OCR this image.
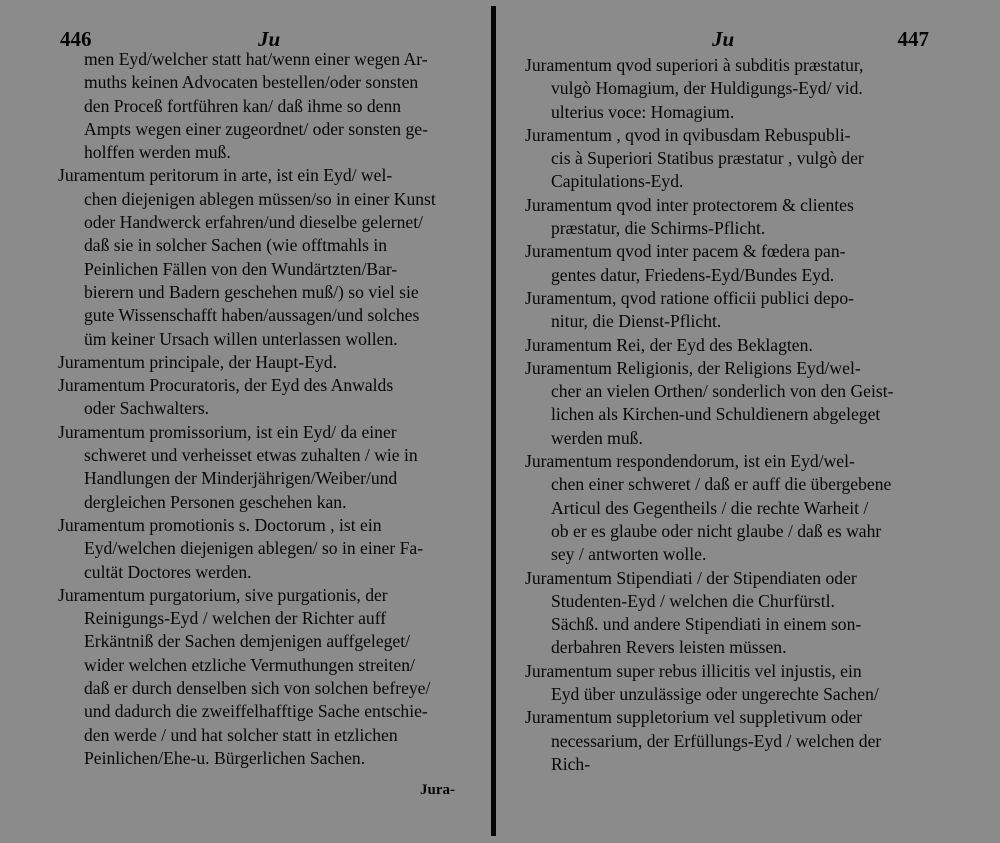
446	Ju
men Eyd/welcher statt hat/wenn einer wegen Ar-
muths keinen Advocaten bestellen/oder sonsten
den Proceß fortführen kan/ daß ihme so denn
Ampts wegen einer zugeordnet/ oder sonsten ge-
holffen werden muß.
Juramentum peritorum in arte, ist ein Eyd/ wel-
chen diejenigen ablegen müssen/so in einer Kunst
oder Handwerck erfahren/und dieselbe gelernet/
daß sie in solcher Sachen (wie offtmahls in
Peinlichen Fällen von den Wundärtzten/Bar-
bierern und Badern geschehen muß/) so viel sie
gute Wissenschafft haben/aussagen/und solches
üm keiner Ursach willen unterlassen wollen.
Juramentum principale, der Haupt-Eyd.
Juramentum Procuratoris, der Eyd des Anwalds
oder Sachwalters.
Juramentum promissorium, ist ein Eyd/ da einer
schweret und verheisset etwas zuhalten / wie in
Handlungen der Minderjährigen/Weiber/und
dergleichen Personen geschehen kan.
Juramentum promotionis s. Doctorum , ist ein
Eyd/welchen diejenigen ablegen/ so in einer Fa-
cultät Doctores werden.
Juramentum purgatorium, sive purgationis, der
Reinigungs-Eyd / welchen der Richter auff
Erkäntniß der Sachen demjenigen auffgeleget/
wider welchen etzliche Vermuthungen streiten/
daß er durch denselben sich von solchen befreye/
und dadurch die zweiffelhafftige Sache entschie-
den werde / und hat solcher statt in etzlichen
Peinlichen/Ehe-u. Bürgerlichen Sachen.
Jura-
Ju	447
Juramentum qvod superiori à subditis præstatur,
vulgò Homagium, der Huldigungs-Eyd/ vid.
ulterius voce: Homagium.
Juramentum , qvod in qvibusdam Rebuspubli-
cis à Superiori Statibus præstatur , vulgò der
Capitulations-Eyd.
Juramentum qvod inter protectorem & clientes
præstatur, die Schirms-Pflicht.
Juramentum qvod inter pacem & fœdera pan-
gentes datur, Friedens-Eyd/Bundes Eyd.
Juramentum, qvod ratione officii publici depo-
nitur, die Dienst-Pflicht.
Juramentum Rei, der Eyd des Beklagten.
Juramentum Religionis, der Religions Eyd/wel-
cher an vielen Orthen/ sonderlich von den Geist-
lichen als Kirchen-und Schuldienern abgeleget
werden muß.
Juramentum respondendorum, ist ein Eyd/wel-
chen einer schweret / daß er auff die übergebene
Articul des Gegentheils / die rechte Warheit /
ob er es glaube oder nicht glaube / daß es wahr
sey / antworten wolle.
Juramentum Stipendiati / der Stipendiaten oder
Studenten-Eyd / welchen die Churfürstl.
Sächß. und andere Stipendiati in einem son-
derbahren Revers leisten müssen.
Juramentum super rebus illicitis vel injustis, ein
Eyd über unzulässige oder ungerechte Sachen/
Juramentum suppletorium vel suppletivum oder
necessarium, der Erfüllungs-Eyd / welchen der
Rich-
